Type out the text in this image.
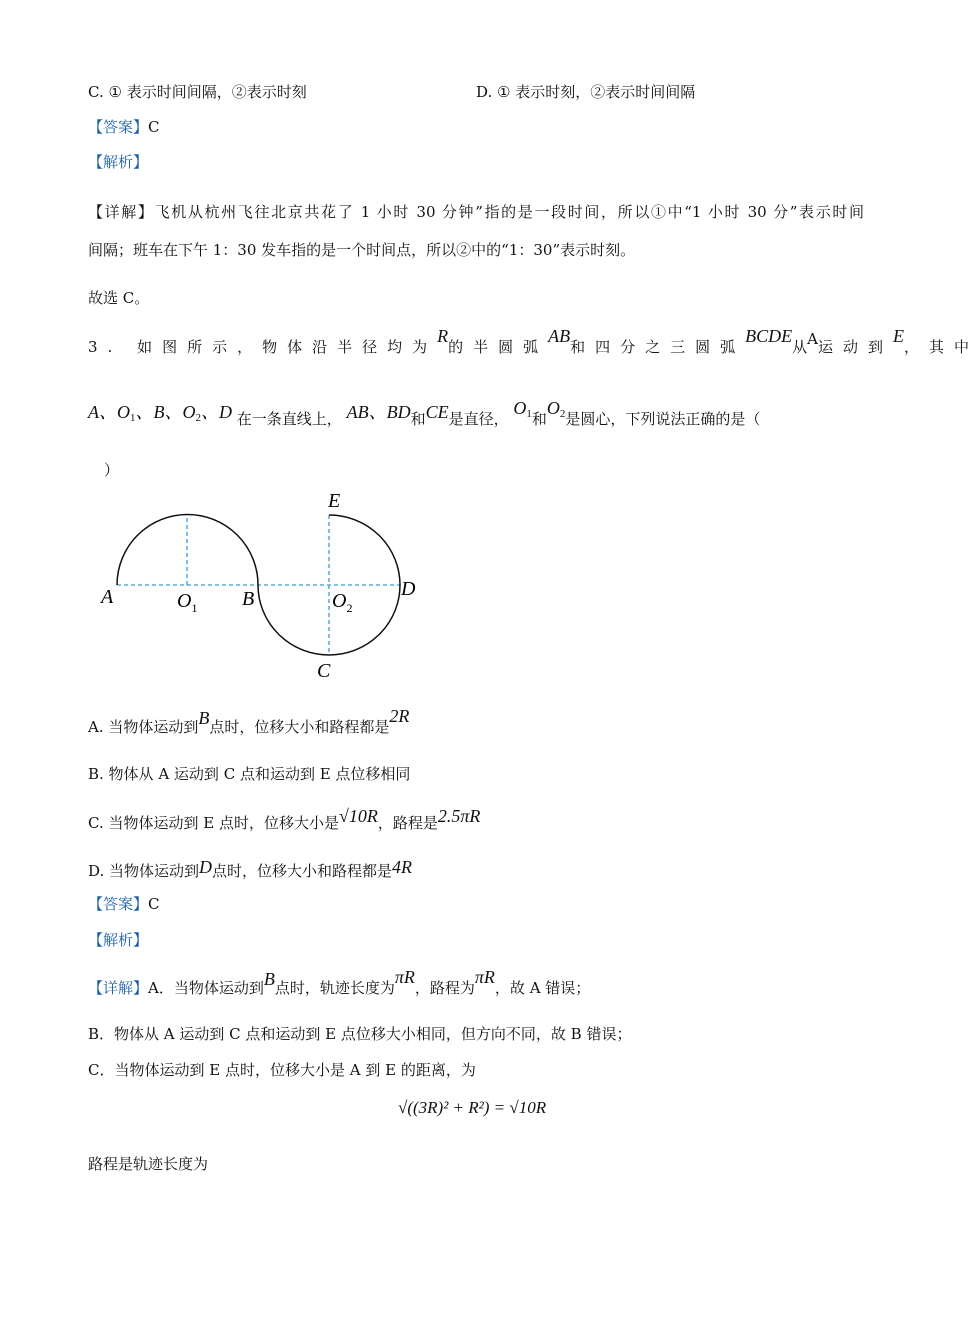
C. ① 表示时间间隔，②表示时刻	D. ① 表示时刻，②表示时间间隔
【答案】C
【解析】
【详解】飞机从杭州飞往北京共花了 1 小时 30 分钟”指的是一段时间，所以①中“1 小时 30 分”表示时间
间隔；班车在下午 1：30 发车指的是一个时间点，所以②中的“1：30”表示时刻。
故选 C。
3. 如图所示，物体沿半径均为
R
的半圆弧
AB
和四分之三圆弧
BCDE
从 A 运动到
E
，其中
A、$O_1$、B、$O_2$、D 在一条直线上， AB、BD和CE是直径， $O_1$和$O_2$是圆心，下列说法正确的是（
）
A	$O_1$ B	$O_2$
D
C
E
A. 当物体运动到B点时，位移大小和路程都是2R
B. 物体从 A 运动到 C 点和运动到 E 点位移相同
C. 当物体运动到 E 点时，位移大小是√10R，路程是2.5πR
D. 当物体运动到D点时，位移大小和路程都是4R
【答案】C
【解析】
【详解】A．当物体运动到B点时，轨迹长度为πR，路程为πR，故 A 错误；
B．物体从 A 运动到 C 点和运动到 E 点位移大小相同，但方向不同，故 B 错误；
C．当物体运动到 E 点时，位移大小是 A 到 E 的距离，为
√((3R)² + R²) = √10R
路程是轨迹长度为
